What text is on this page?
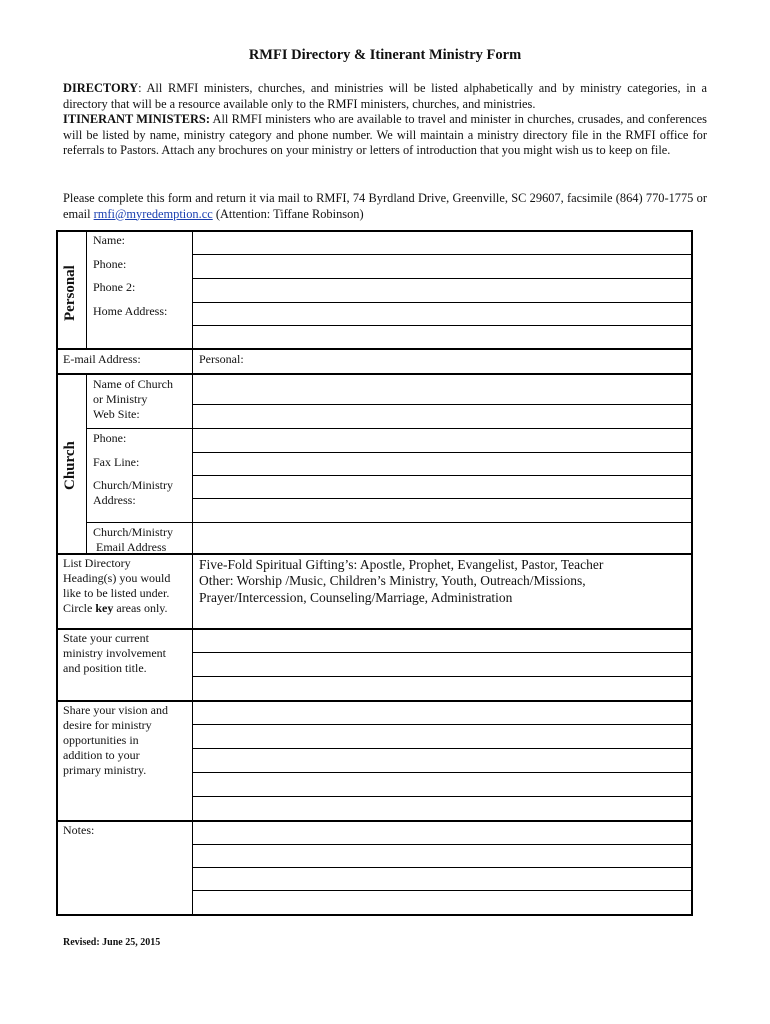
RMFI Directory & Itinerant Ministry Form
DIRECTORY: All RMFI ministers, churches, and ministries will be listed alphabetically and by ministry categories, in a directory that will be a resource available only to the RMFI ministers, churches, and ministries.
ITINERANT MINISTERS: All RMFI ministers who are available to travel and minister in churches, crusades, and conferences will be listed by name, ministry category and phone number. We will maintain a ministry directory file in the RMFI office for referrals to Pastors. Attach any brochures on your ministry or letters of introduction that you might wish us to keep on file.
Please complete this form and return it via mail to RMFI, 74 Byrdland Drive, Greenville, SC 29607, facsimile (864) 770-1775 or email rmfi@myredemption.cc (Attention: Tiffane Robinson)
Personal
Church
Name:
Phone:
Phone 2:
Home Address:
E-mail Address:	Personal:
Name of Church
or Ministry
Web Site:
Phone:
Fax Line:
Church/Ministry
Address:
Church/Ministry
Email Address
List Directory
Heading(s) you would
like to be listed under.
Circle key areas only.
Five-Fold Spiritual Gifting’s: Apostle, Prophet, Evangelist, Pastor, Teacher
Other: Worship /Music, Children’s Ministry, Youth, Outreach/Missions,
Prayer/Intercession, Counseling/Marriage, Administration
State your current
ministry involvement
and position title.
Share your vision and
desire for ministry
opportunities in
addition to your
primary ministry.
Notes:
Revised: June 25, 2015
